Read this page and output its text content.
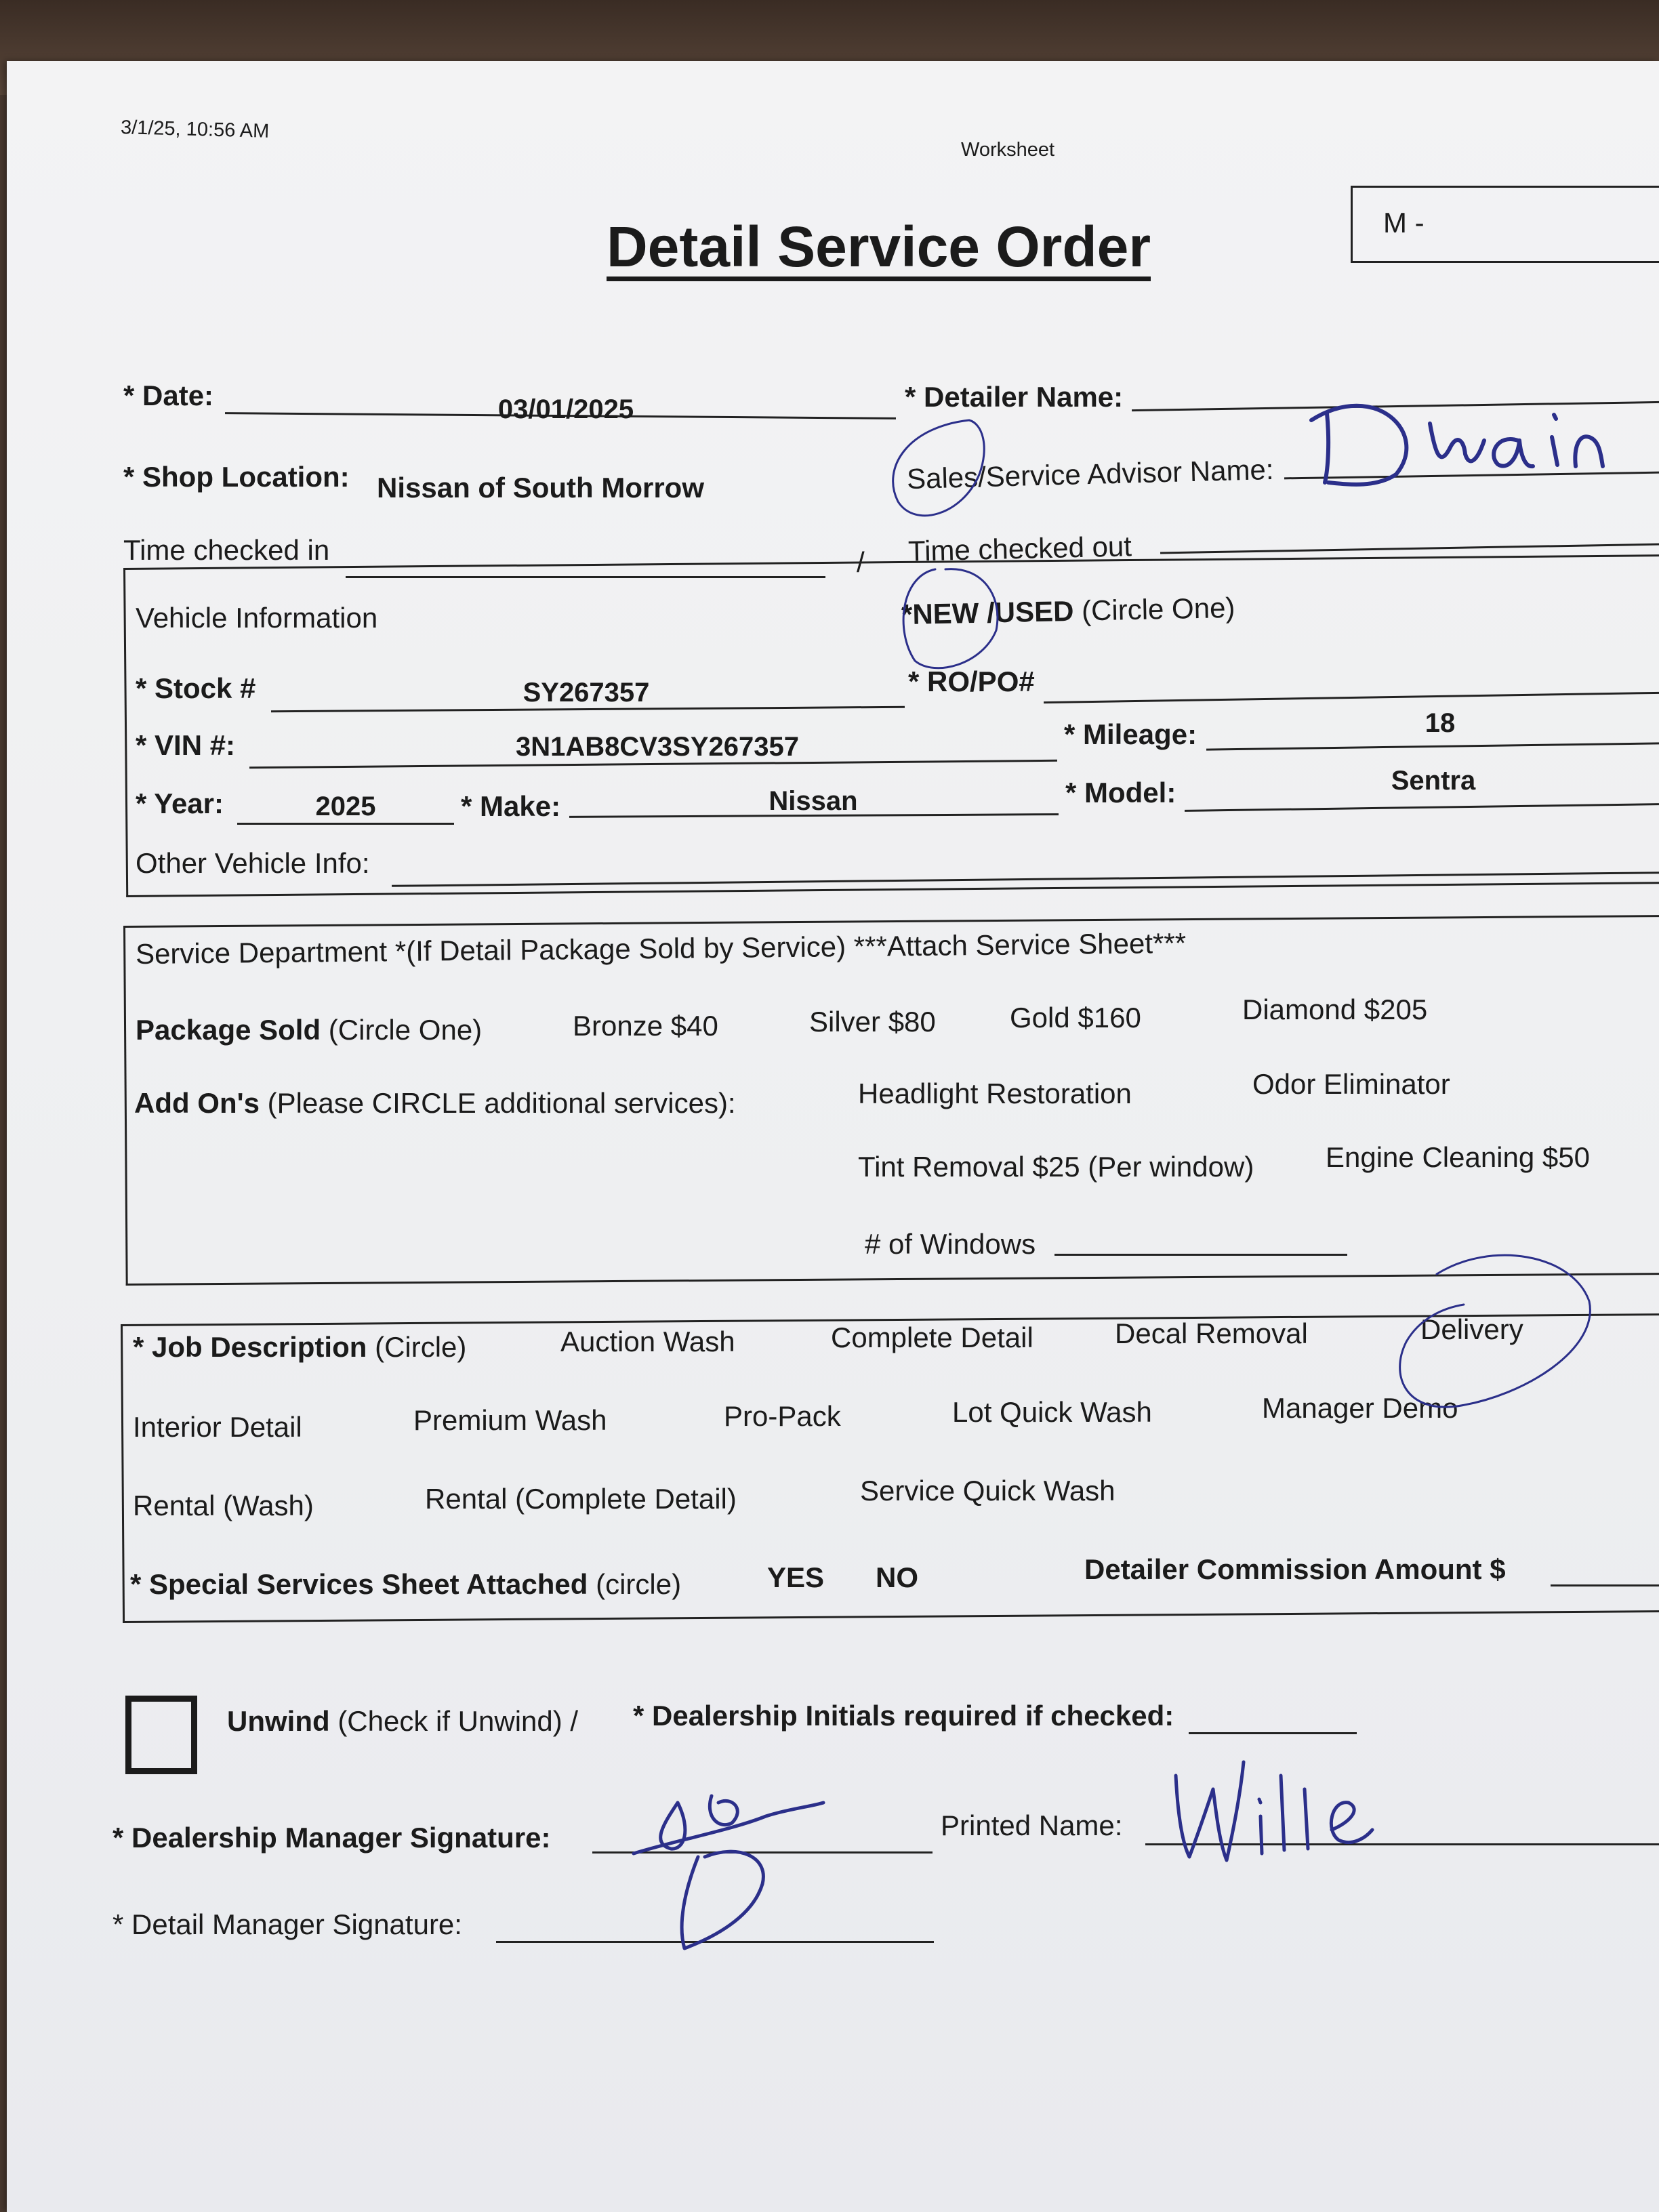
3/1/25, 10:56 AM
Worksheet
M -
Detail Service Order
* Date:	03/01/2025	* Detailer Name:
* Shop Location: Nissan of South Morrow	Sales/Service Advisor Name:
Time checked in	/ Time checked out
Vehicle Information	*NEW /USED (Circle One)
* Stock #	SY267357	* RO/PO#
* VIN #:	3N1AB8CV3SY267357	* Mileage:	18
* Year:	2025	* Make:	Nissan	* Model:	Sentra
Other Vehicle Info:
Service Department *(If Detail Package Sold by Service) ***Attach Service Sheet***
Package Sold (Circle One)	Bronze $40	Silver $80	Gold $160	Diamond $205
Add On's (Please CIRCLE additional services):	Headlight Restoration	Odor Eliminator
Tint Removal $25 (Per window)	Engine Cleaning $50
# of Windows
* Job Description (Circle)	Auction Wash	Complete Detail	Decal Removal	Delivery
Interior Detail	Premium Wash	Pro-Pack	Lot Quick Wash	Manager Demo
Rental (Wash)	Rental (Complete Detail)	Service Quick Wash
* Special Services Sheet Attached (circle)	YES NO	Detailer Commission Amount $
Unwind (Check if Unwind) / * Dealership Initials required if checked:
* Dealership Manager Signature:	Printed Name:
* Detail Manager Signature:
